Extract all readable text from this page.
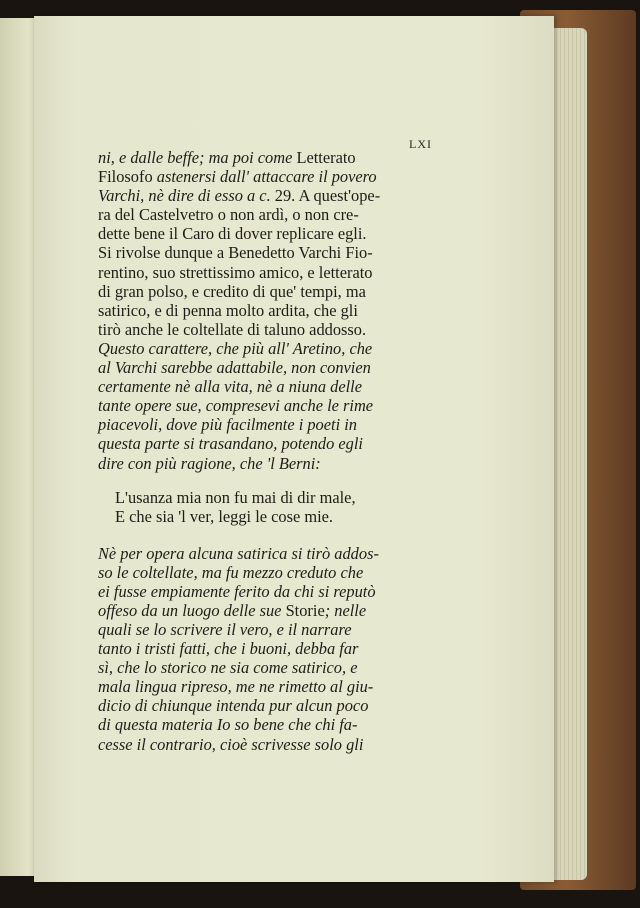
LXI
ni, e dalle beffe; ma poi come Letterato
Filosofo astenersi dall' attaccare il povero
Varchi, nè dire di esso a c. 29. A quest'ope-
ra del Castelvetro o non ardì, o non cre-
dette bene il Caro di dover replicare egli.
Si rivolse dunque a Benedetto Varchi Fio-
rentino, suo strettissimo amico, e letterato
di gran polso, e credito di que' tempi, ma
satirico, e di penna molto ardita, che gli
tirò anche le coltellate di taluno addosso.
Questo carattere, che più all' Aretino, che
al Varchi sarebbe adattabile, non convien
certamente nè alla vita, nè a niuna delle
tante opere sue, compresevi anche le rime
piacevoli, dove più facilmente i poeti in
questa parte si trasandano, potendo egli
dire con più ragione, che 'l Berni:
L'usanza mia non fu mai di dir male,
E che sia 'l ver, leggi le cose mie.
Nè per opera alcuna satirica si tirò addos-
so le coltellate, ma fu mezzo creduto che
ei fusse empiamente ferito da chi si reputò
offeso da un luogo delle sue Storie; nelle
quali se lo scrivere il vero, e il narrare
tanto i tristi fatti, che i buoni, debba far
sì, che lo storico ne sia come satirico, e
mala lingua ripreso, me ne rimetto al giu-
dicio di chiunque intenda pur alcun poco
di questa materia Io so bene che chi fa-
cesse il contrario, cioè scrivesse solo gli
